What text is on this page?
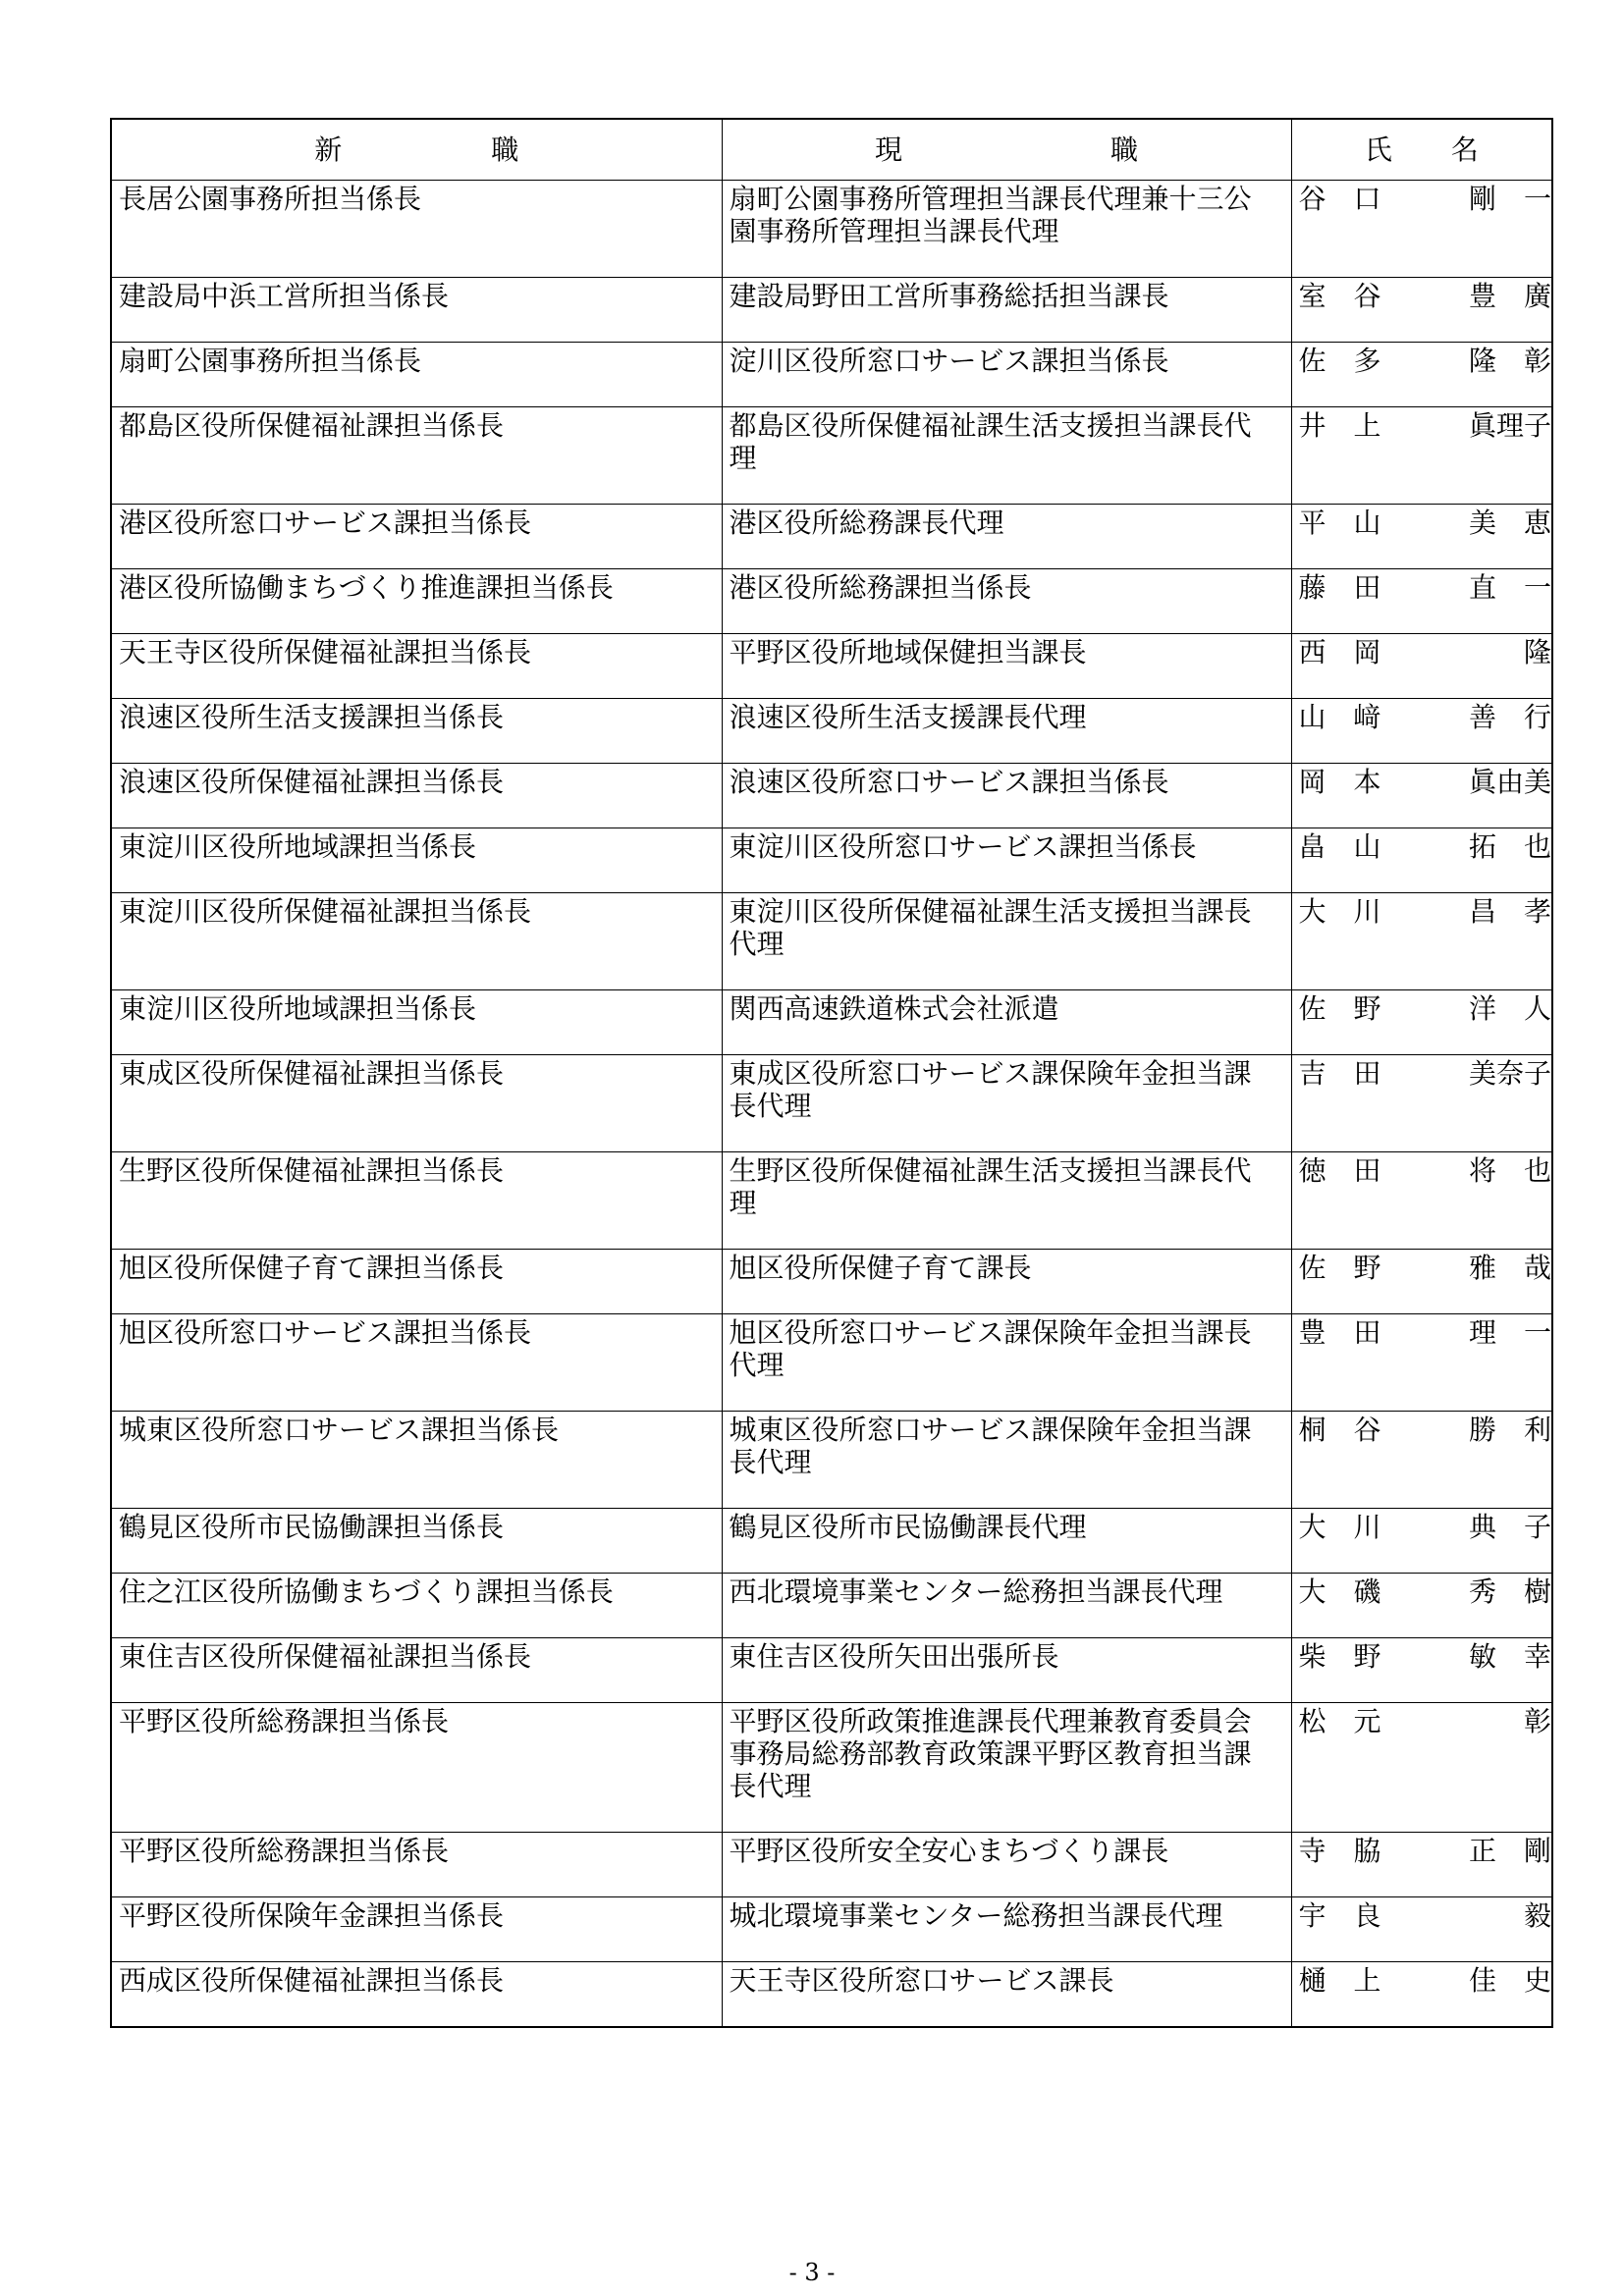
新職	現職	氏名
長居公園事務所担当係長	扇町公園事務所管理担当課長代理兼十三公園事務所管理担当課長代理	谷口 剛一

建設局中浜工営所担当係長	建設局野田工営所事務総括担当課長	室谷 豊廣

扇町公園事務所担当係長	淀川区役所窓口サービス課担当係長	佐多 隆彰

都島区役所保健福祉課担当係長	都島区役所保健福祉課生活支援担当課長代理	井上 眞理子

港区役所窓口サービス課担当係長	港区役所総務課長代理	平山 美恵

港区役所協働まちづくり推進課担当係長	港区役所総務課担当係長	藤田 直一

天王寺区役所保健福祉課担当係長	平野区役所地域保健担当課長	西岡 隆

浪速区役所生活支援課担当係長	浪速区役所生活支援課長代理	山﨑 善行

浪速区役所保健福祉課担当係長	浪速区役所窓口サービス課担当係長	岡本 眞由美

東淀川区役所地域課担当係長	東淀川区役所窓口サービス課担当係長	畠山 拓也

東淀川区役所保健福祉課担当係長	東淀川区役所保健福祉課生活支援担当課長代理	大川 昌孝

東淀川区役所地域課担当係長	関西高速鉄道株式会社派遣	佐野 洋人

東成区役所保健福祉課担当係長	東成区役所窓口サービス課保険年金担当課長代理	吉田 美奈子

生野区役所保健福祉課担当係長	生野区役所保健福祉課生活支援担当課長代理	徳田 将也

旭区役所保健子育て課担当係長	旭区役所保健子育て課長	佐野 雅哉

旭区役所窓口サービス課担当係長	旭区役所窓口サービス課保険年金担当課長代理	豊田 理一

城東区役所窓口サービス課担当係長	城東区役所窓口サービス課保険年金担当課長代理	桐谷 勝利

鶴見区役所市民協働課担当係長	鶴見区役所市民協働課長代理	大川 典子

住之江区役所協働まちづくり課担当係長	西北環境事業センター総務担当課長代理	大磯 秀樹

東住吉区役所保健福祉課担当係長	東住吉区役所矢田出張所長	柴野 敏幸

平野区役所総務課担当係長	平野区役所政策推進課長代理兼教育委員会事務局総務部教育政策課平野区教育担当課長代理	松元 彰

平野区役所総務課担当係長	平野区役所安全安心まちづくり課長	寺脇 正剛

平野区役所保険年金課担当係長	城北環境事業センター総務担当課長代理	宇良 毅

西成区役所保健福祉課担当係長	天王寺区役所窓口サービス課長	樋上 佳史
- 3 -
